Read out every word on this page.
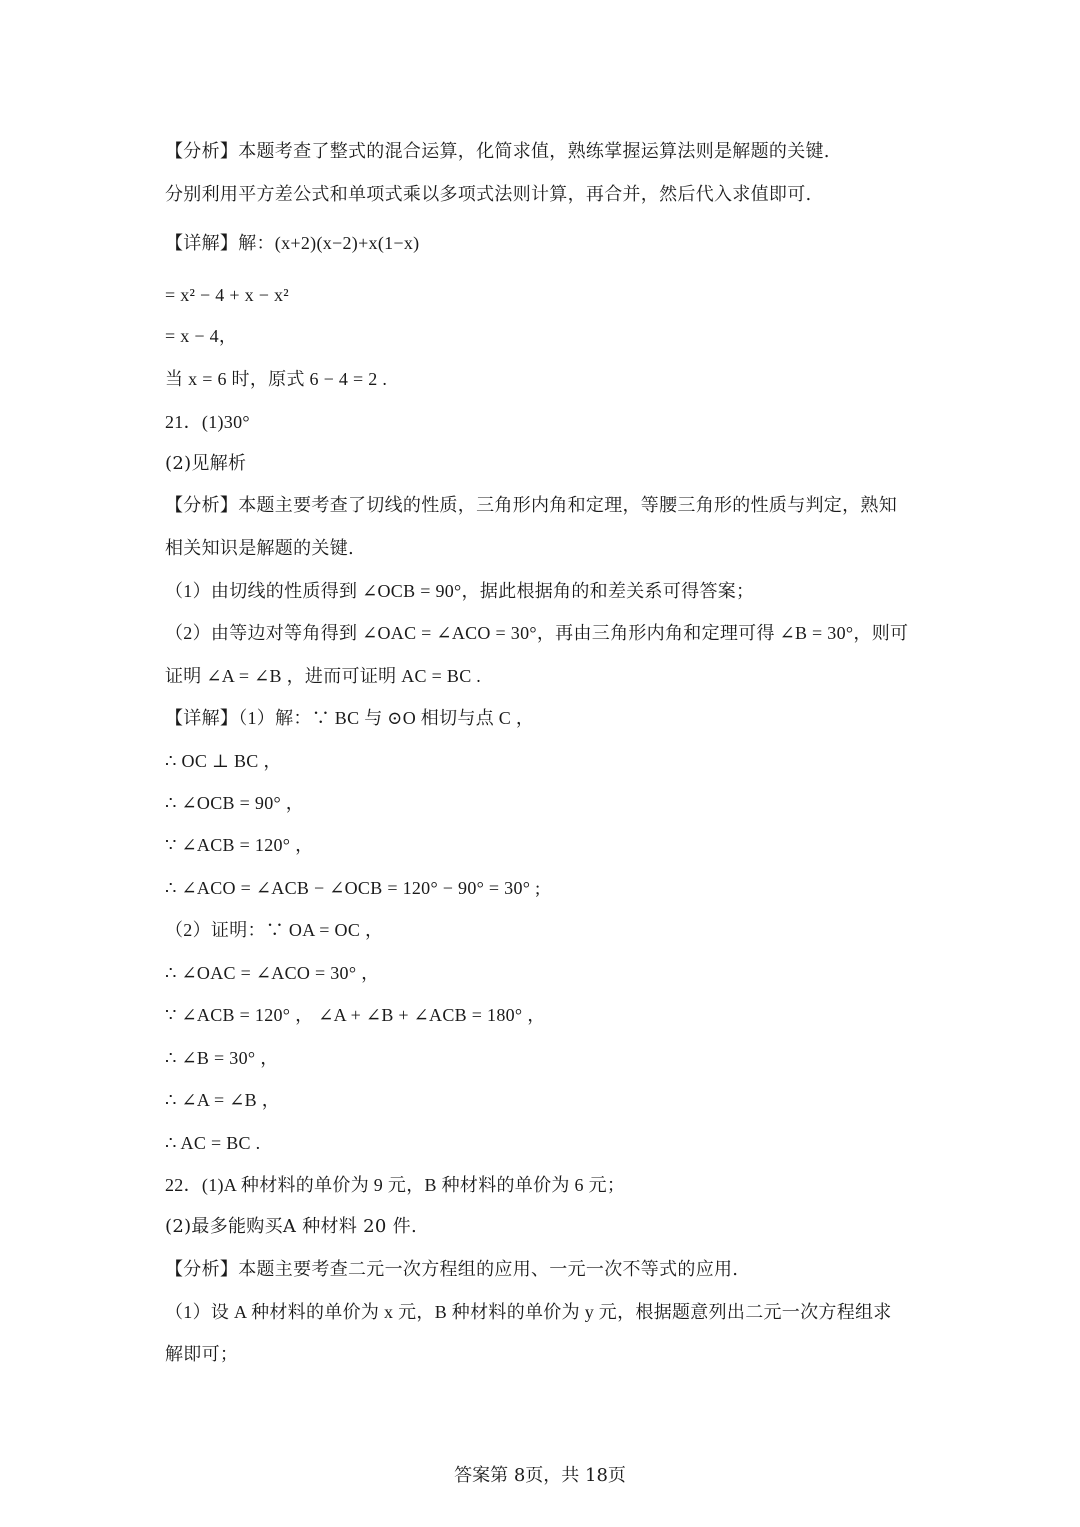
【分析】本题考查了整式的混合运算，化简求值，熟练掌握运算法则是解题的关键.
分别利用平方差公式和单项式乘以多项式法则计算，再合并，然后代入求值即可.
【详解】解：(x+2)(x−2)+x(1−x)
= x² − 4 + x − x²
= x − 4，
当 x = 6 时，原式 6 − 4 = 2 .
21．(1)30°
(2)见解析
【分析】本题主要考查了切线的性质，三角形内角和定理，等腰三角形的性质与判定，熟知
相关知识是解题的关键.
（1）由切线的性质得到 ∠OCB = 90°，据此根据角的和差关系可得答案；
（2）由等边对等角得到 ∠OAC = ∠ACO = 30°，再由三角形内角和定理可得 ∠B = 30°，则可
证明 ∠A = ∠B ，进而可证明 AC = BC .
【详解】（1）解：∵ BC 与 ⊙O 相切与点 C ，
∴ OC ⊥ BC ，
∴ ∠OCB = 90° ，
∵ ∠ACB = 120° ，
∴ ∠ACO = ∠ACB − ∠OCB = 120° − 90° = 30° ;
（2）证明：∵ OA = OC ，
∴ ∠OAC = ∠ACO = 30° ，
∵ ∠ACB = 120° ， ∠A + ∠B + ∠ACB = 180° ，
∴ ∠B = 30° ，
∴ ∠A = ∠B ，
∴ AC = BC .
22．(1)A 种材料的单价为 9 元，B 种材料的单价为 6 元；
(2)最多能购买A 种材料 20 件.
【分析】本题主要考查二元一次方程组的应用、一元一次不等式的应用.
（1）设 A 种材料的单价为 x 元，B 种材料的单价为 y 元，根据题意列出二元一次方程组求
解即可；
答案第 8页，共 18页
